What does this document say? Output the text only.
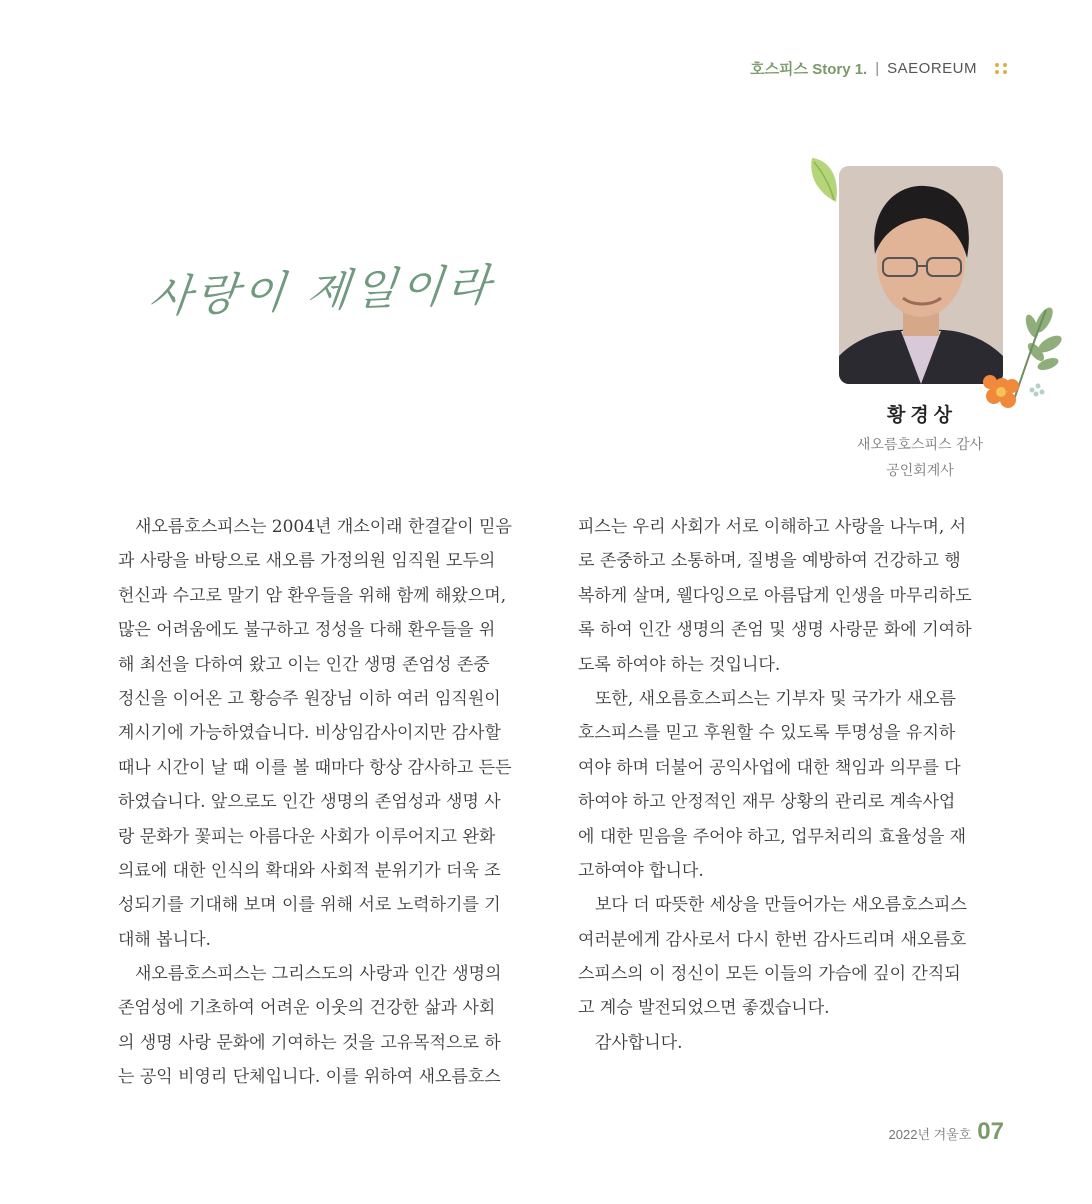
호스피스 Story 1. | SAEOREUM
사랑이 제일이라
황경상
새오름호스피스 감사
공인회계사
　새오름호스피스는 2004년 개소이래 한결같이 믿음
과 사랑을 바탕으로 새오름 가정의원 임직원 모두의
헌신과 수고로 말기 암 환우들을 위해 함께 해왔으며,
많은 어려움에도 불구하고 정성을 다해 환우들을 위
해 최선을 다하여 왔고 이는 인간 생명 존엄성 존중
정신을 이어온 고 황승주 원장님 이하 여러 임직원이
계시기에 가능하였습니다. 비상임감사이지만 감사할
때나 시간이 날 때 이를 볼 때마다 항상 감사하고 든든
하였습니다. 앞으로도 인간 생명의 존엄성과 생명 사
랑 문화가 꽃피는 아름다운 사회가 이루어지고 완화
의료에 대한 인식의 확대와 사회적 분위기가 더욱 조
성되기를 기대해 보며 이를 위해 서로 노력하기를 기
대해 봅니다.
　새오름호스피스는 그리스도의 사랑과 인간 생명의
존엄성에 기초하여 어려운 이웃의 건강한 삶과 사회
의 생명 사랑 문화에 기여하는 것을 고유목적으로 하
는 공익 비영리 단체입니다. 이를 위하여 새오름호스
피스는 우리 사회가 서로 이해하고 사랑을 나누며, 서
로 존중하고 소통하며, 질병을 예방하여 건강하고 행
복하게 살며, 웰다잉으로 아름답게 인생을 마무리하도
록 하여 인간 생명의 존엄 및 생명 사랑문 화에 기여하
도록 하여야 하는 것입니다.
　또한, 새오름호스피스는 기부자 및 국가가 새오름
호스피스를 믿고 후원할 수 있도록 투명성을 유지하
여야 하며 더불어 공익사업에 대한 책임과 의무를 다
하여야 하고 안정적인 재무 상황의 관리로 계속사업
에 대한 믿음을 주어야 하고, 업무처리의 효율성을 재
고하여야 합니다.
　보다 더 따뜻한 세상을 만들어가는 새오름호스피스
여러분에게 감사로서 다시 한번 감사드리며 새오름호
스피스의 이 정신이 모든 이들의 가슴에 깊이 간직되
고 계승 발전되었으면 좋겠습니다.
　감사합니다.
2022년 겨울호 07
